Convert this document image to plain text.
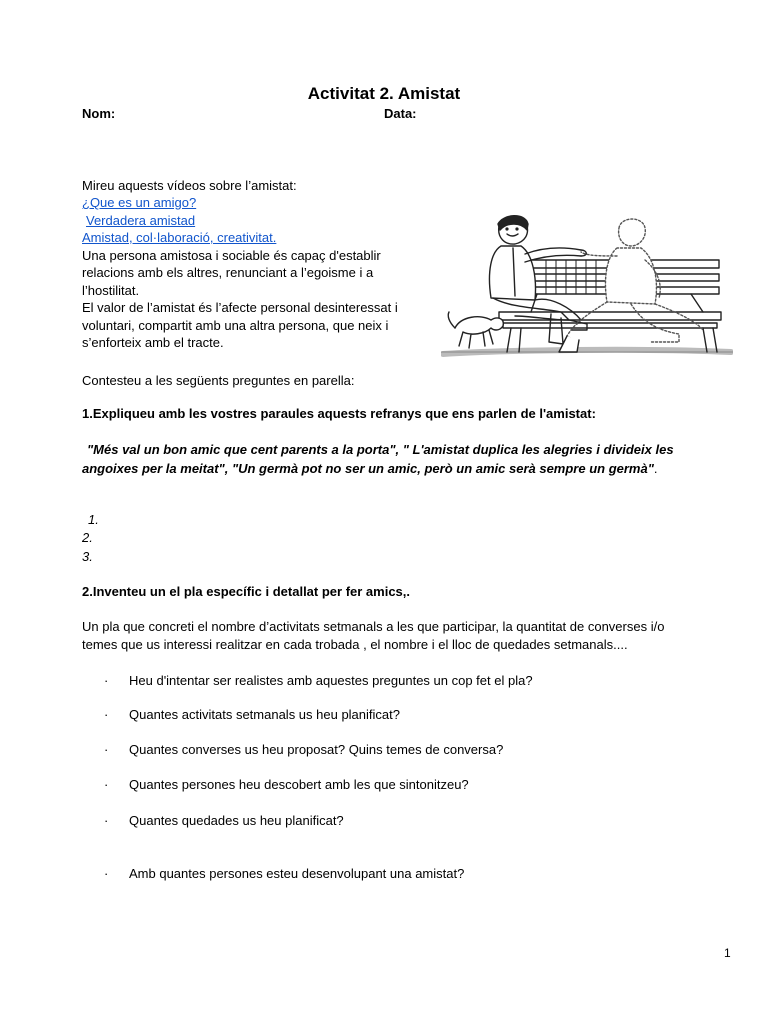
Activitat 2. Amistat
Nom:	Data:
Mireu aquests vídeos sobre l’amistat:
¿Que es un amigo?
Verdadera amistad
Amistad, col·laboració, creativitat.
Una persona amistosa i sociable és capaç d'establir
relacions amb els altres, renunciant a l’egoisme i a
l’hostilitat.
El valor de l’amistat és l’afecte personal desinteressat i
voluntari, compartit amb una altra persona, que neix i
s’enforteix amb el tracte.
Contesteu a les següents preguntes en parella:
1.Expliqueu amb les vostres paraules aquests refranys que ens parlen de l'amistat:
"Més val un bon amic que cent parents a la porta", " L'amistat duplica les alegries i divideix les
angoixes per la meitat", "Un germà pot no ser un amic, però un amic serà sempre un germà".
1.
2.
3.
2.Inventeu un el pla específic i detallat per fer amics,.
Un pla que concreti el nombre d’activitats setmanals a les que participar, la quantitat de converses i/o
temes que us interessi realitzar en cada trobada , el nombre i el lloc de quedades setmanals....
· Heu d'intentar ser realistes amb aquestes preguntes un cop fet el pla?
· Quantes activitats setmanals us heu planificat?
· Quantes converses us heu proposat? Quins temes de conversa?
· Quantes persones heu descobert amb les que sintonitzeu?
· Quantes quedades us heu planificat?
· Amb quantes persones esteu desenvolupant una amistat?
1
